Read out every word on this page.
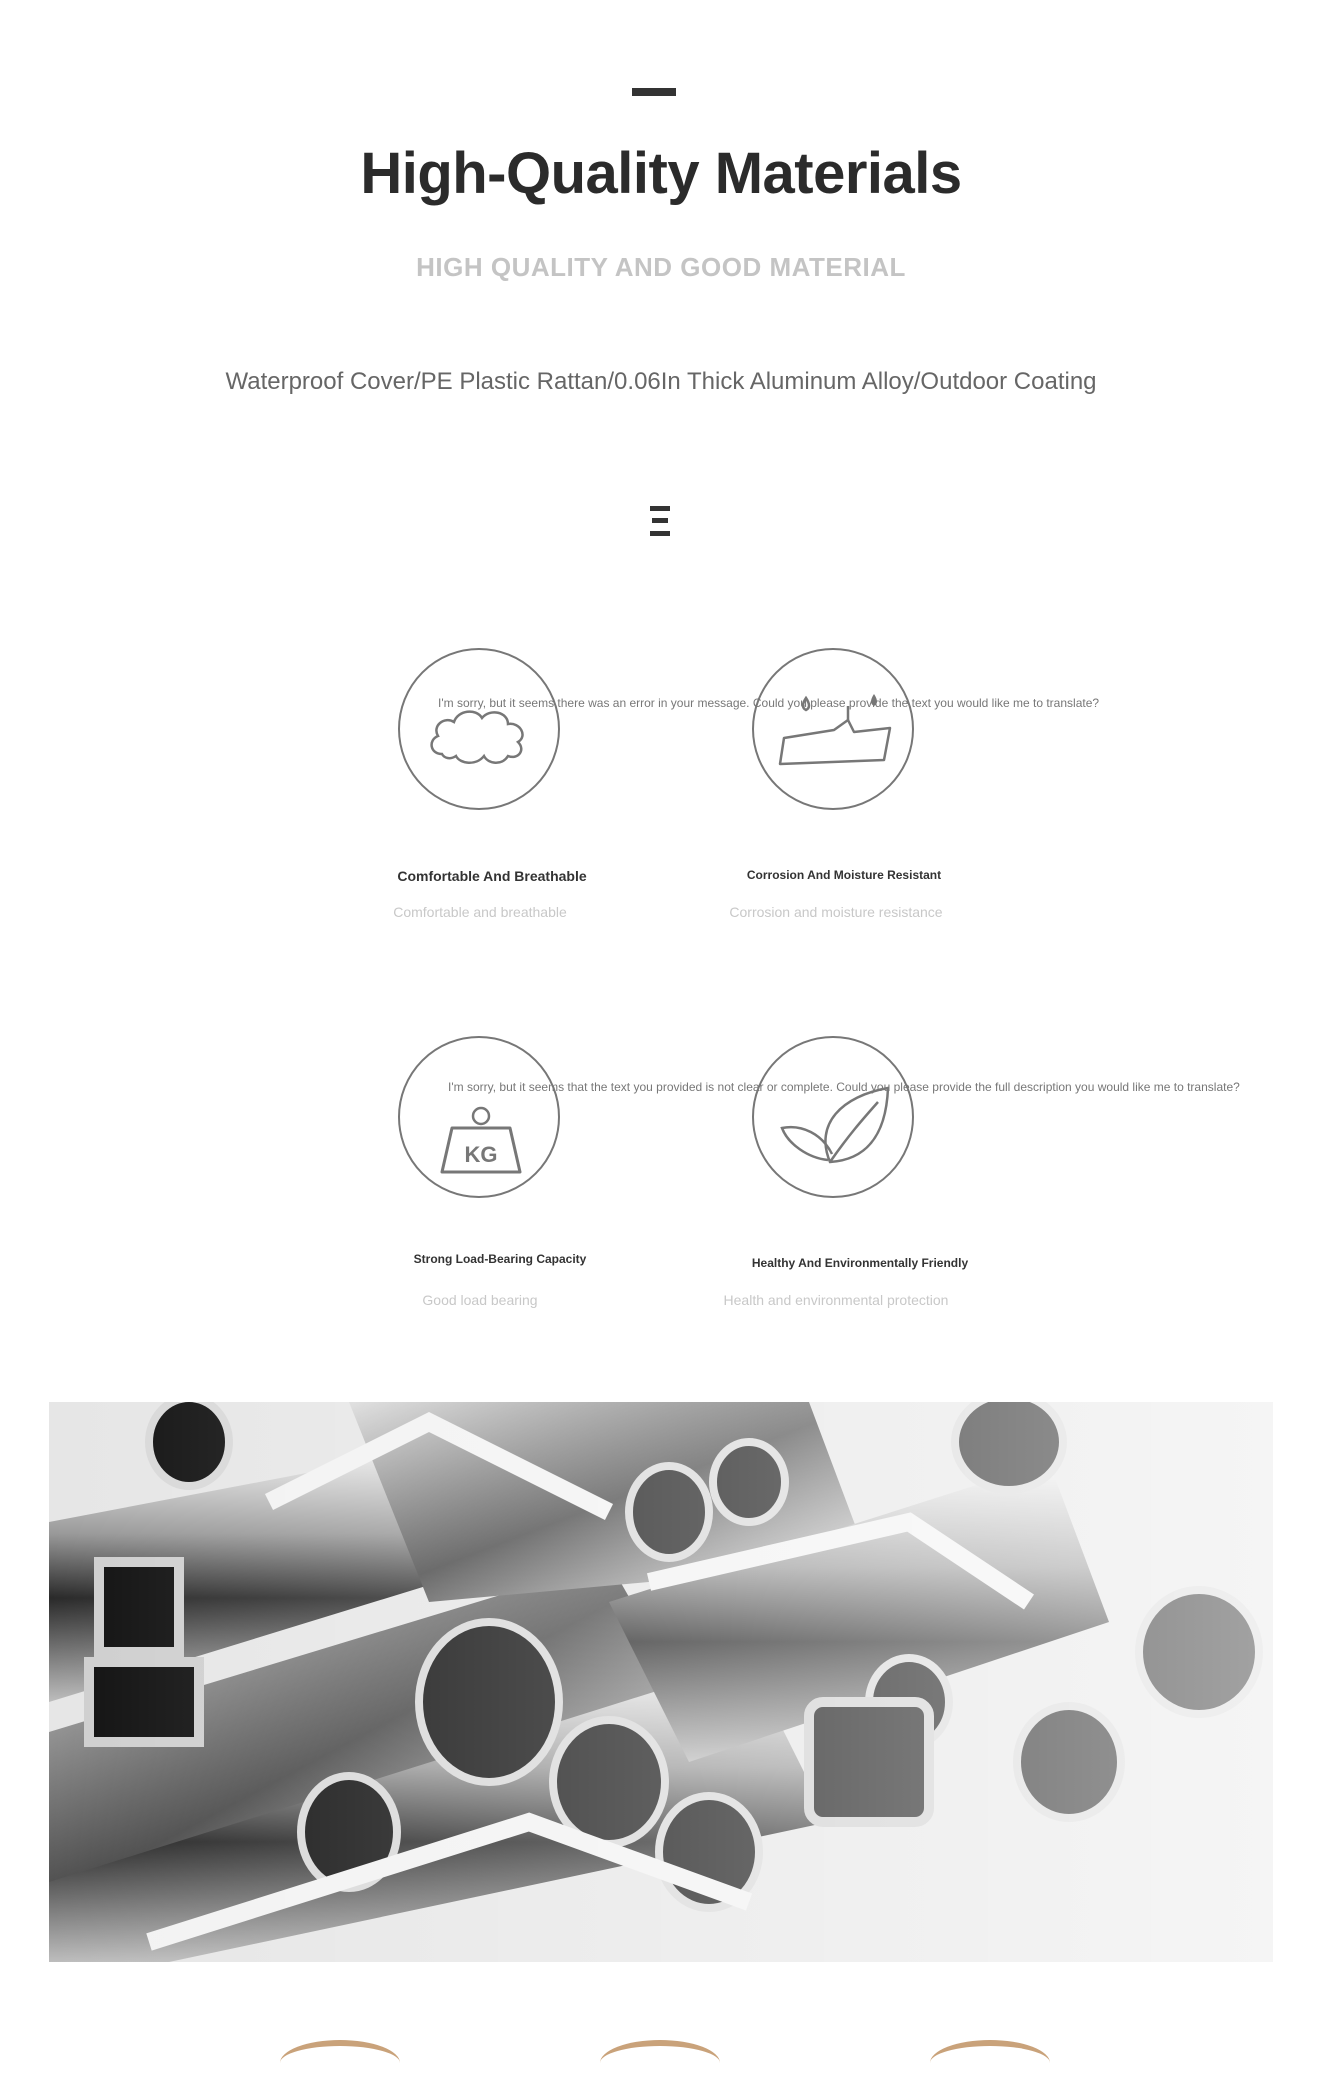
High-Quality Materials
HIGH QUALITY AND GOOD MATERIAL
Waterproof Cover/PE Plastic Rattan/0.06In Thick Aluminum Alloy/Outdoor Coating
Comfortable And Breathable
Comfortable and breathable
Corrosion And Moisture Resistant
Corrosion and moisture resistance
I'm sorry, but it seems there was an error in your message. Could you please provide the text you would like me to translate?
KG
Strong Load-Bearing Capacity
Good load bearing
Healthy And Environmentally Friendly
Health and environmental protection
I'm sorry, but it seems that the text you provided is not clear or complete. Could you please provide the full description you would like me to translate?
